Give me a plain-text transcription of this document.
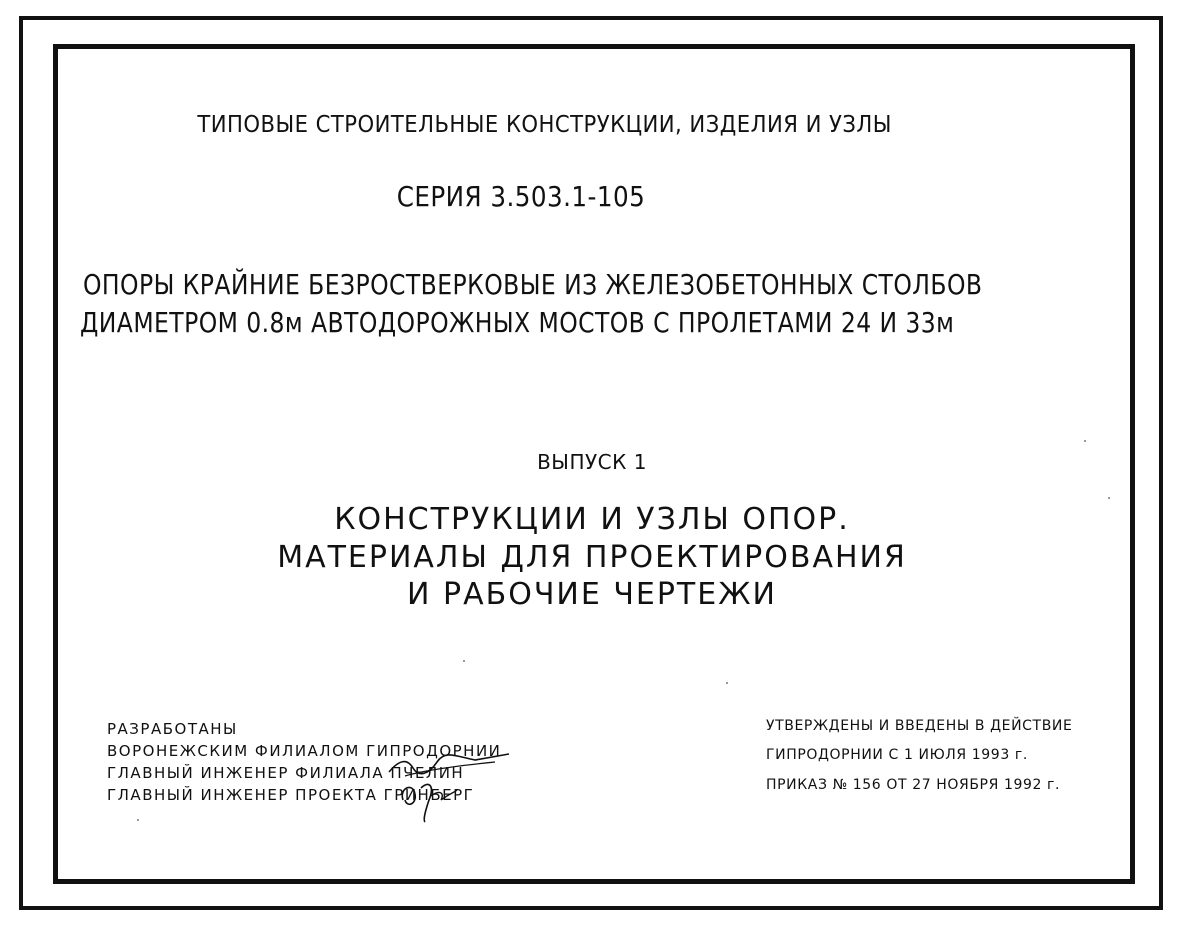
ТИПОВЫЕ СТРОИТЕЛЬНЫЕ КОНСТРУКЦИИ, ИЗДЕЛИЯ И УЗЛЫ
СЕРИЯ 3.503.1-105
ОПОРЫ КРАЙНИЕ БЕЗРОСТВЕРКОВЫЕ ИЗ ЖЕЛЕЗОБЕТОННЫХ СТОЛБОВ
ДИАМЕТРОМ 0.8м АВТОДОРОЖНЫХ МОСТОВ С ПРОЛЕТАМИ 24 И 33м
ВЫПУСК 1
КОНСТРУКЦИИ И УЗЛЫ ОПОР.
МАТЕРИАЛЫ ДЛЯ ПРОЕКТИРОВАНИЯ
И РАБОЧИЕ ЧЕРТЕЖИ
РАЗРАБОТАНЫ
ВОРОНЕЖСКИМ ФИЛИАЛОМ ГИПРОДОРНИИ
ГЛАВНЫЙ ИНЖЕНЕР ФИЛИАЛА ПЧЕЛИН
ГЛАВНЫЙ ИНЖЕНЕР ПРОЕКТА ГРИНБЕРГ
УТВЕРЖДЕНЫ И ВВЕДЕНЫ В ДЕЙСТВИЕ
ГИПРОДОРНИИ С 1 ИЮЛЯ 1993 г.
ПРИКАЗ № 156 ОТ 27 НОЯБРЯ 1992 г.
